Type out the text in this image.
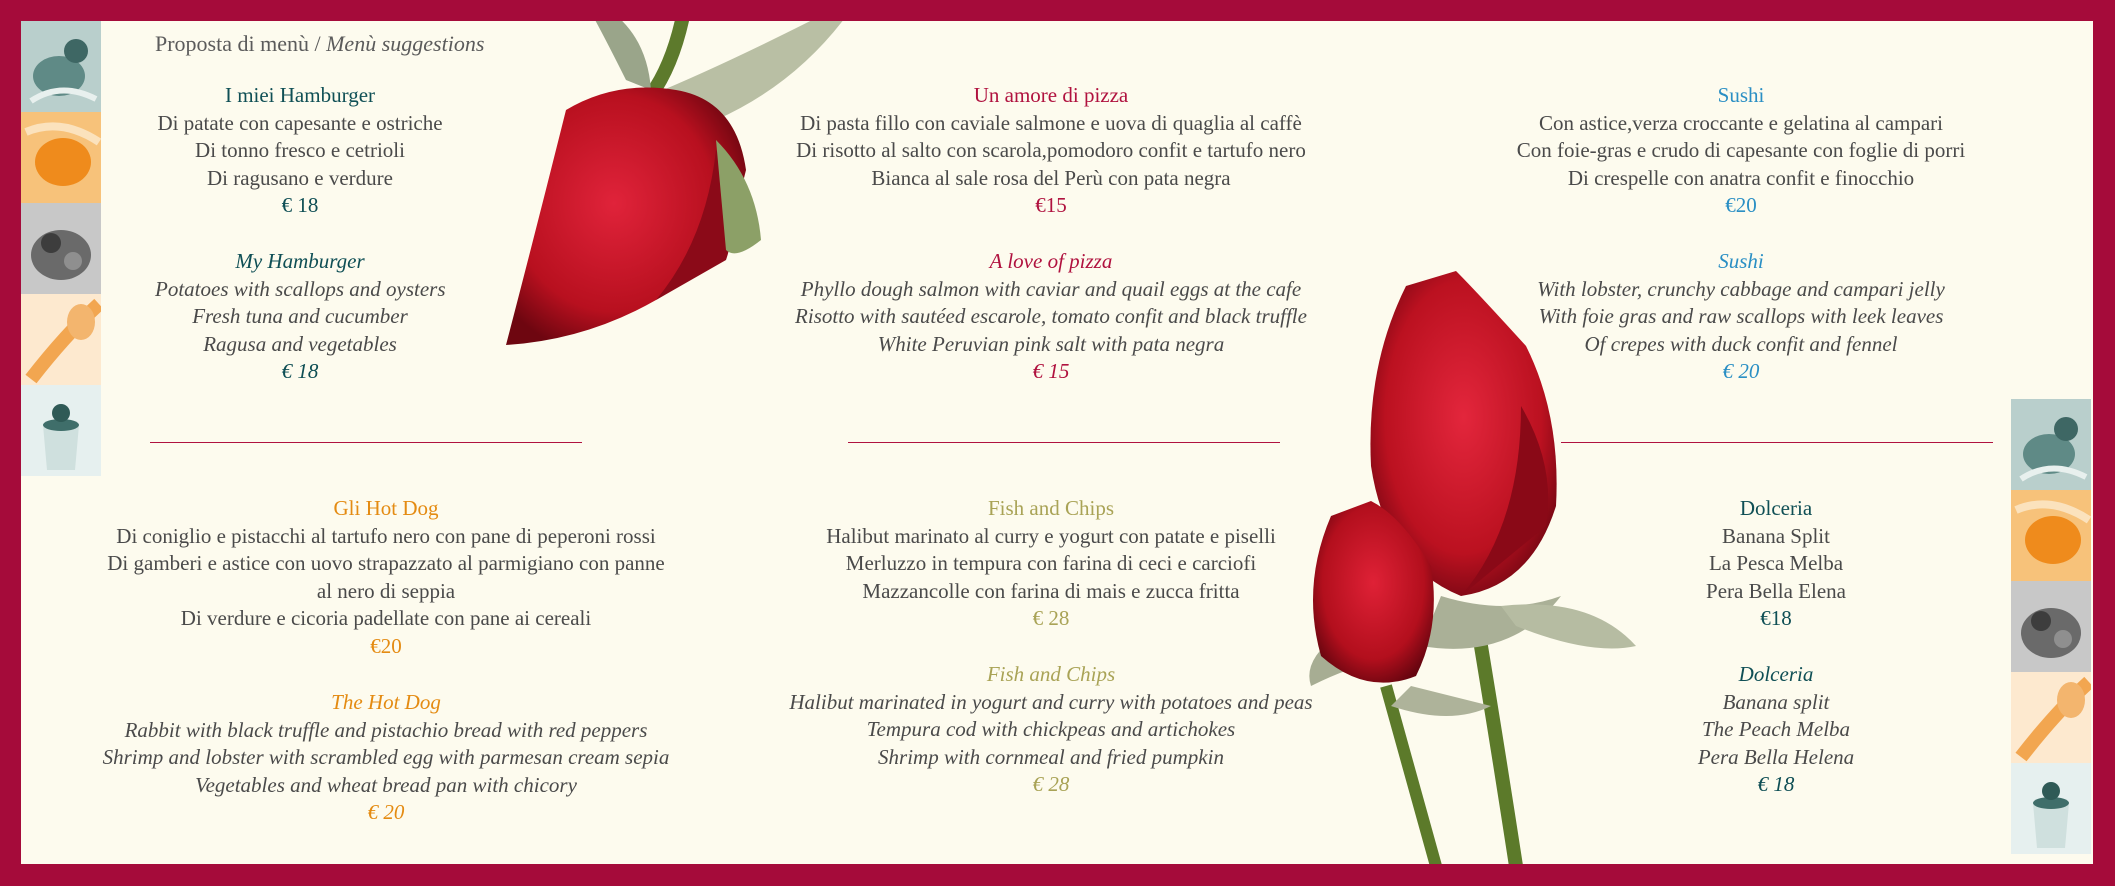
Proposta di menù / Menù suggestions
I miei Hamburger
Di patate con capesante e ostriche
Di tonno fresco e cetrioli
Di ragusano e verdure
€ 18
My Hamburger
Potatoes with scallops and oysters
Fresh tuna and cucumber
Ragusa and vegetables
€ 18
Un amore di pizza
Di pasta fillo con caviale salmone e uova di quaglia al caffè
Di risotto al salto con scarola,pomodoro confit e tartufo nero
Bianca al sale rosa del Perù con pata negra
€15
A love of pizza
Phyllo dough salmon with caviar and quail eggs at the cafe
Risotto with sautéed escarole, tomato confit and black truffle
White Peruvian pink salt with pata negra
€ 15
Sushi
Con astice,verza croccante e gelatina al campari
Con foie-gras e crudo di capesante con foglie di porri
Di crespelle con anatra confit e finocchio
€20
Sushi
With lobster, crunchy cabbage and campari jelly
With foie gras and raw scallops with leek leaves
Of crepes with duck confit and fennel
€ 20
Gli Hot Dog
Di coniglio e pistacchi al tartufo nero con pane di peperoni rossi
Di gamberi e astice con uovo strapazzato al parmigiano con panne
al nero di seppia
Di verdure e cicoria padellate con pane ai cereali
€20
The Hot Dog
Rabbit with black truffle and pistachio bread with red peppers
Shrimp and lobster with scrambled egg with parmesan cream sepia
Vegetables and wheat bread pan with chicory
€ 20
Fish and Chips
Halibut marinato al curry e yogurt con patate e piselli
Merluzzo in tempura con farina di ceci e carciofi
Mazzancolle con farina di mais e zucca fritta
€ 28
Fish and Chips
Halibut marinated in yogurt and curry with potatoes and peas
Tempura cod with chickpeas and artichokes
Shrimp with cornmeal and fried pumpkin
€ 28
Dolceria
Banana Split
La Pesca Melba
Pera Bella Elena
€18
Dolceria
Banana split
The Peach Melba
Pera Bella Helena
€ 18
